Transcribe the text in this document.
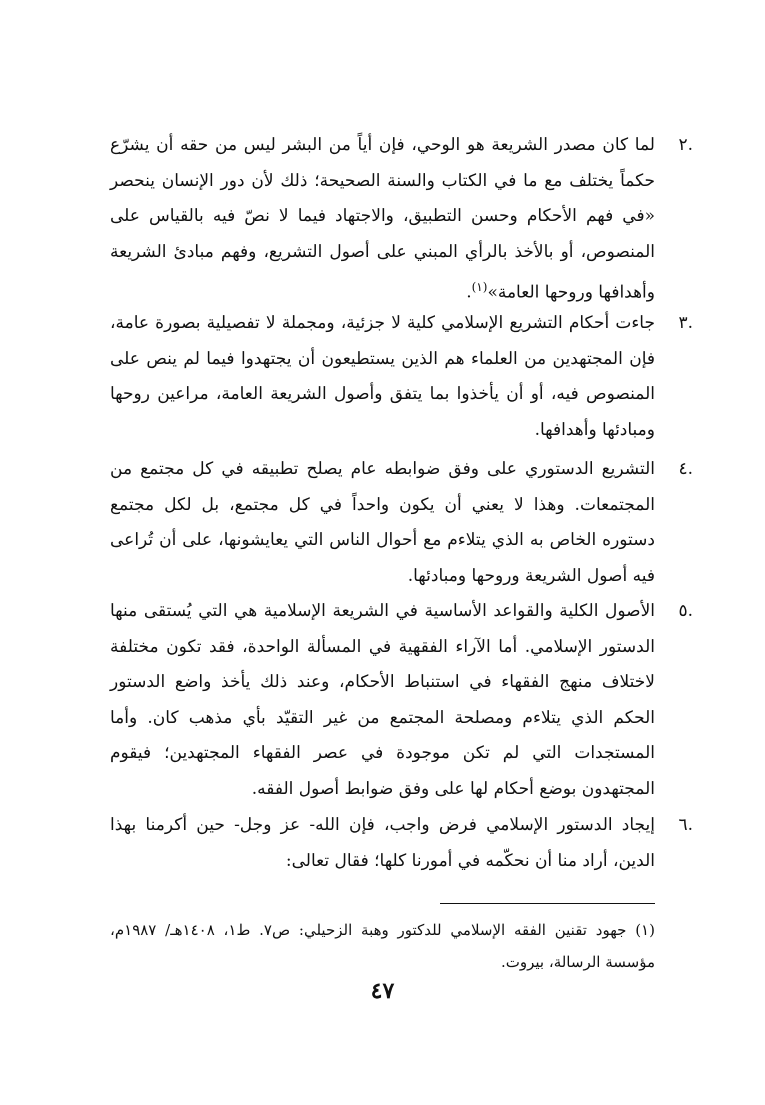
٢.
لما كان مصدر الشريعة هو الوحي، فإن أياً من البشر ليس من حقه أن يشرّع حكماً يختلف مع ما في الكتاب والسنة الصحيحة؛ ذلك لأن دور الإنسان ينحصر «في فهم الأحكام وحسن التطبيق، والاجتهاد فيما لا نصّ فيه بالقياس على المنصوص، أو بالأخذ بالرأي المبني على أصول التشريع، وفهم مبادئ الشريعة وأهدافها وروحها العامة»$^{(١)}$.
٣.
جاءت أحكام التشريع الإسلامي كلية لا جزئية، ومجملة لا تفصيلية بصورة عامة، فإن المجتهدين من العلماء هم الذين يستطيعون أن يجتهدوا فيما لم ينص على المنصوص فيه، أو أن يأخذوا بما يتفق وأصول الشريعة العامة، مراعين روحها ومبادئها وأهدافها.
٤.
التشريع الدستوري على وفق ضوابطه عام يصلح تطبيقه في كل مجتمع من المجتمعات. وهذا لا يعني أن يكون واحداً في كل مجتمع، بل لكل مجتمع دستوره الخاص به الذي يتلاءم مع أحوال الناس التي يعايشونها، على أن تُراعى فيه أصول الشريعة وروحها ومبادئها.
٥.
الأصول الكلية والقواعد الأساسية في الشريعة الإسلامية هي التي يُستقى منها الدستور الإسلامي. أما الآراء الفقهية في المسألة الواحدة، فقد تكون مختلفة لاختلاف منهج الفقهاء في استنباط الأحكام، وعند ذلك يأخذ واضع الدستور الحكم الذي يتلاءم ومصلحة المجتمع من غير التقيّد بأي مذهب كان. وأما المستجدات التي لم تكن موجودة في عصر الفقهاء المجتهدين؛ فيقوم المجتهدون بوضع أحكام لها على وفق ضوابط أصول الفقه.
٦.
إيجاد الدستور الإسلامي فرض واجب، فإن الله- عز وجل- حين أكرمنا بهذا الدين، أراد منا أن نحكّمه في أمورنا كلها؛ فقال تعالى:
(١) جهود تقنين الفقه الإسلامي للدكتور وهبة الزحيلي: ص٧. ط١، ١٤٠٨هـ/ ١٩٨٧م، مؤسسة الرسالة، بيروت.
٤٧
